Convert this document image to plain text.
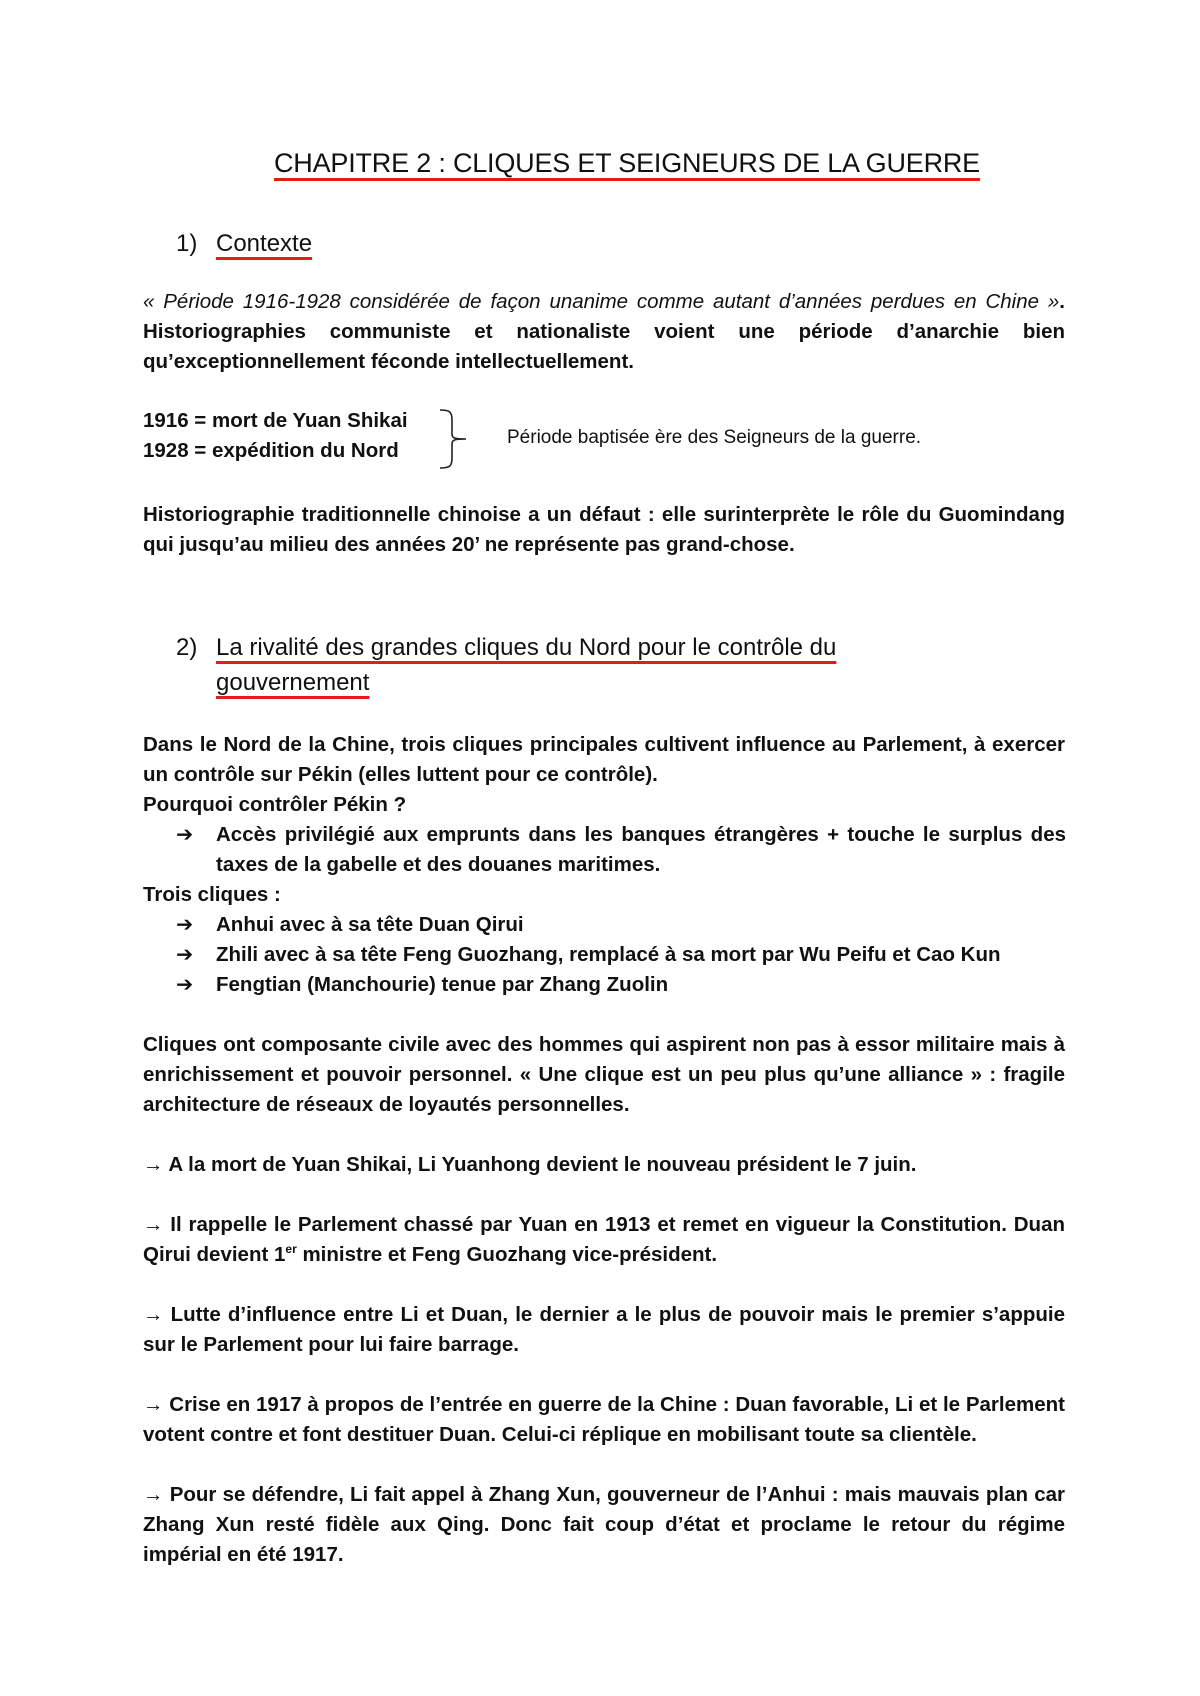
CHAPITRE 2 : CLIQUES ET SEIGNEURS DE LA GUERRE
1) Contexte
« Période 1916-1928 considérée de façon unanime comme autant d’années perdues en Chine ». Historiographies communiste et nationaliste voient une période d’anarchie bien qu’exceptionnellement féconde intellectuellement.
1916 = mort de Yuan Shikai
1928 = expédition du Nord
Période baptisée ère des Seigneurs de la guerre.
Historiographie traditionnelle chinoise a un défaut : elle surinterprète le rôle du Guomindang qui jusqu’au milieu des années 20’ ne représente pas grand-chose.
2) La rivalité des grandes cliques du Nord pour le contrôle du gouvernement
Dans le Nord de la Chine, trois cliques principales cultivent influence au Parlement, à exercer un contrôle sur Pékin (elles luttent pour ce contrôle).
Pourquoi contrôler Pékin ?
➔	Accès privilégié aux emprunts dans les banques étrangères + touche le surplus des taxes de la gabelle et des douanes maritimes.
Trois cliques :
➔	Anhui avec à sa tête Duan Qirui
➔	Zhili avec à sa tête Feng Guozhang, remplacé à sa mort par Wu Peifu et Cao Kun
➔	Fengtian (Manchourie) tenue par Zhang Zuolin
Cliques ont composante civile avec des hommes qui aspirent non pas à essor militaire mais à enrichissement et pouvoir personnel. « Une clique est un peu plus qu’une alliance » : fragile architecture de réseaux de loyautés personnelles.
→ A la mort de Yuan Shikai, Li Yuanhong devient le nouveau président le 7 juin.
→ Il rappelle le Parlement chassé par Yuan en 1913 et remet en vigueur la Constitution. Duan Qirui devient 1er ministre et Feng Guozhang vice-président.
→ Lutte d’influence entre Li et Duan, le dernier a le plus de pouvoir mais le premier s’appuie sur le Parlement pour lui faire barrage.
→ Crise en 1917 à propos de l’entrée en guerre de la Chine : Duan favorable, Li et le Parlement votent contre et font destituer Duan. Celui-ci réplique en mobilisant toute sa clientèle.
→ Pour se défendre, Li fait appel à Zhang Xun, gouverneur de l’Anhui : mais mauvais plan car Zhang Xun resté fidèle aux Qing. Donc fait coup d’état et proclame le retour du régime impérial en été 1917.
